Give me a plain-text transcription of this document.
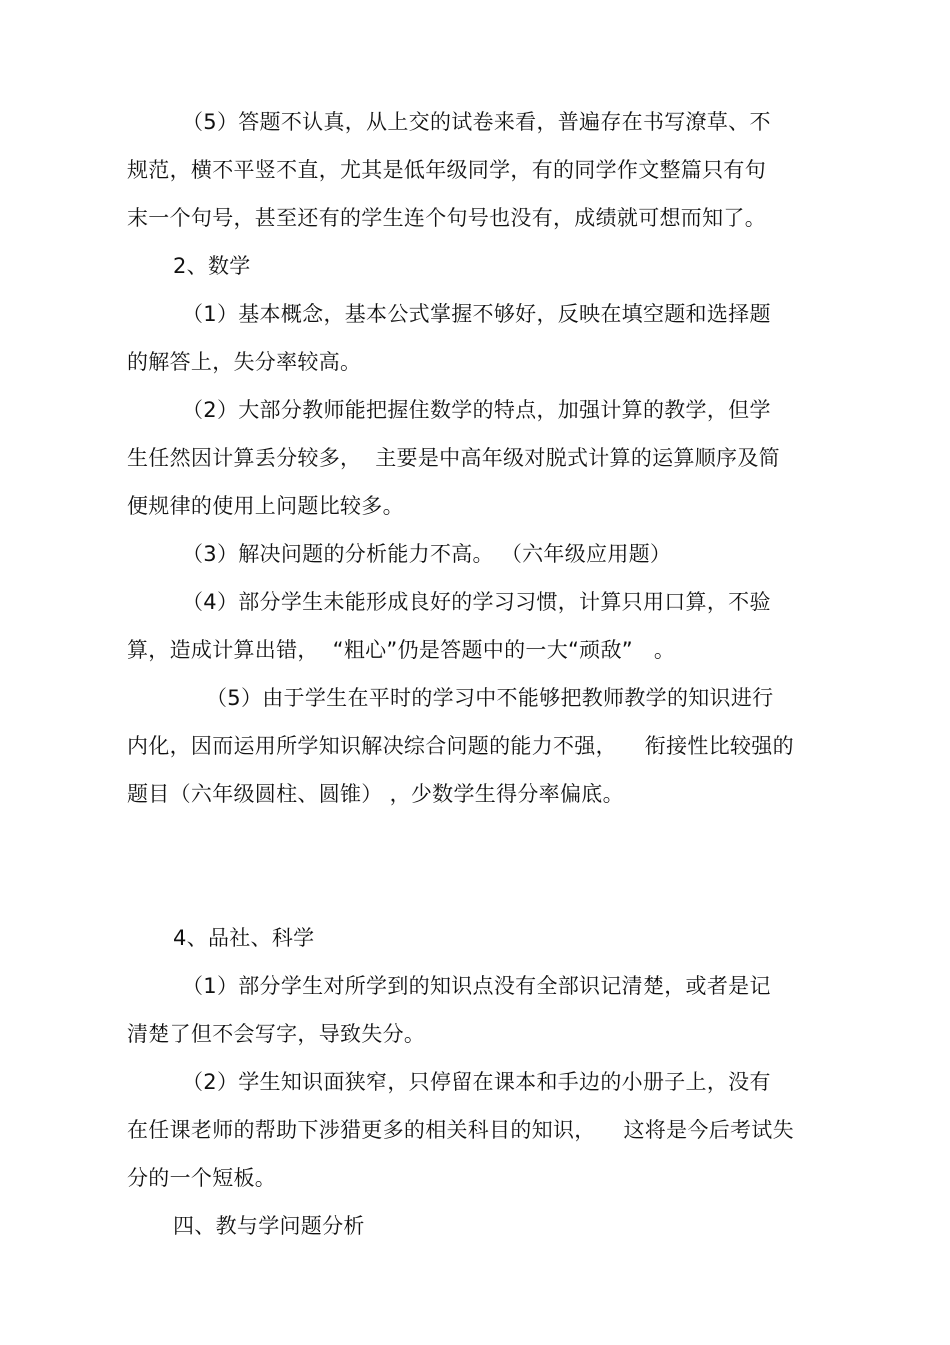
（5）答题不认真，从上交的试卷来看，普遍存在书写潦草、不
规范，横不平竖不直，尤其是低年级同学，有的同学作文整篇只有句
末一个句号，甚至还有的学生连个句号也没有，成绩就可想而知了。
2、数学
（1）基本概念，基本公式掌握不够好，反映在填空题和选择题
的解答上，失分率较高。
（2）大部分教师能把握住数学的特点，加强计算的教学，但学
生任然因计算丢分较多，  主要是中高年级对脱式计算的运算顺序及简
便规律的使用上问题比较多。
（3）解决问题的分析能力不高。 （六年级应用题）
（4）部分学生未能形成良好的学习习惯，计算只用口算，不验
算，造成计算出错，  “粗心”仍是答题中的一大“顽敌”   。
（5）由于学生在平时的学习中不能够把教师教学的知识进行
内化，因而运用所学知识解决综合问题的能力不强，    衔接性比较强的
题目（六年级圆柱、圆锥） ，少数学生得分率偏底。
4、品社、科学
（1）部分学生对所学到的知识点没有全部识记清楚，或者是记
清楚了但不会写字，导致失分。
（2）学生知识面狭窄，只停留在课本和手边的小册子上，没有
在任课老师的帮助下涉猎更多的相关科目的知识，    这将是今后考试失
分的一个短板。
四、教与学问题分析
